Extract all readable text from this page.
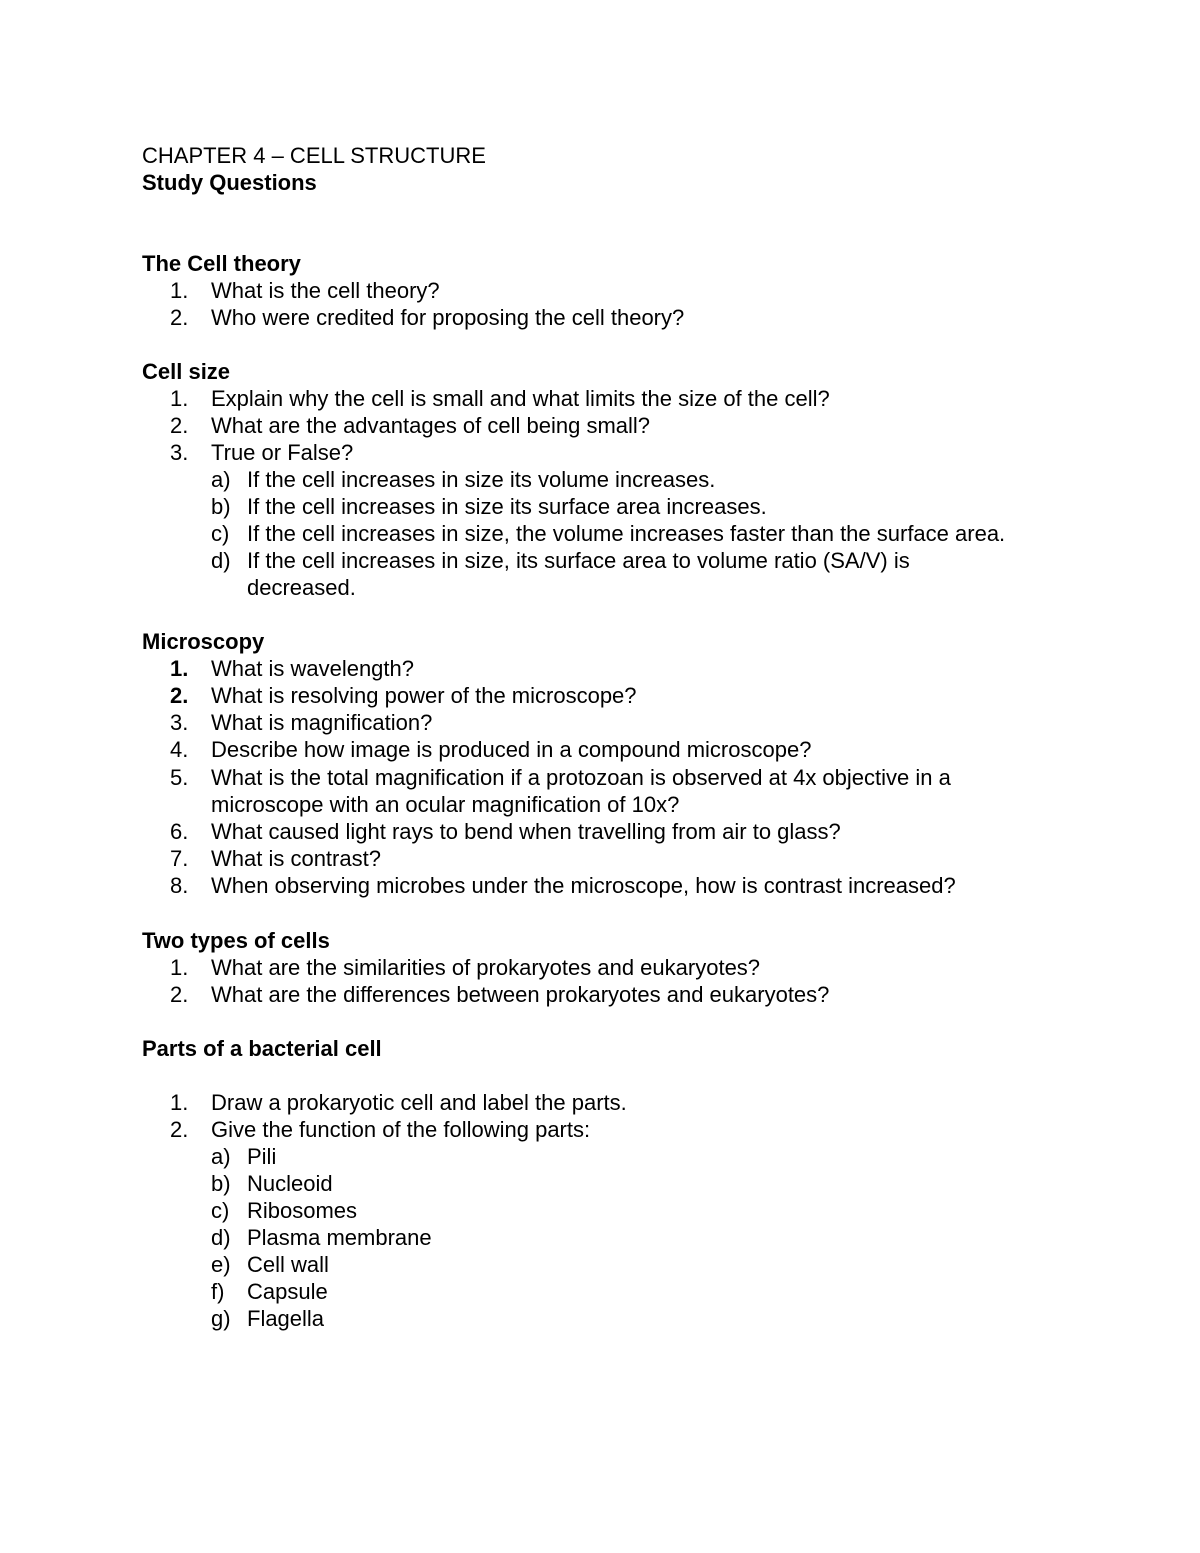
CHAPTER 4 – CELL STRUCTURE
Study Questions
The Cell theory
1. What is the cell theory?
2. Who were credited for proposing the cell theory?
Cell size
1. Explain why the cell is small and what limits the size of the cell?
2. What are the advantages of cell being small?
3. True or False?
a) If the cell increases in size its volume increases.
b) If the cell increases in size its surface area increases.
c) If the cell increases in size, the volume increases faster than the surface area.
d) If the cell increases in size, its surface area to volume ratio (SA/V) is
decreased.
Microscopy
1. What is wavelength?
2. What is resolving power of the microscope?
3. What is magnification?
4. Describe how image is produced in a compound microscope?
5. What is the total magnification if a protozoan is observed at 4x objective in a
microscope with an ocular magnification of 10x?
6. What caused light rays to bend when travelling from air to glass?
7. What is contrast?
8. When observing microbes under the microscope, how is contrast increased?
Two types of cells
1. What are the similarities of prokaryotes and eukaryotes?
2. What are the differences between prokaryotes and eukaryotes?
Parts of a bacterial cell
1. Draw a prokaryotic cell and label the parts.
2. Give the function of the following parts:
a) Pili
b) Nucleoid
c) Ribosomes
d) Plasma membrane
e) Cell wall
f) Capsule
g) Flagella
